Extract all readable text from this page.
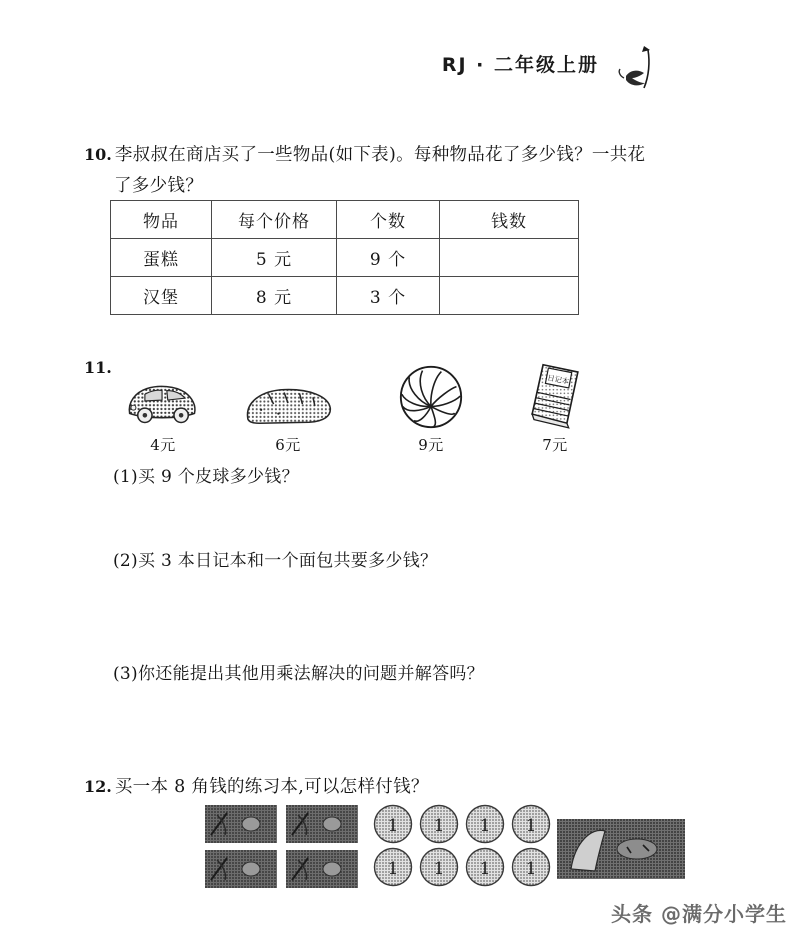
RJ · 二年级上册
10. 李叔叔在商店买了一些物品(如下表)。每种物品花了多少钱？一共花
了多少钱？
物品	每个价格	个数	钱数
蛋糕	5 元	9 个	
汉堡	8 元	3 个	
11.
4元	6元	9元
日记本
7元
(1)买 9 个皮球多少钱？
(2)买 3 本日记本和一个面包共要多少钱？
(3)你还能提出其他用乘法解决的问题并解答吗？
12. 买一本 8 角钱的练习本,可以怎样付钱？
1 1 1 1
1 1 1 1
头条 @满分小学生
